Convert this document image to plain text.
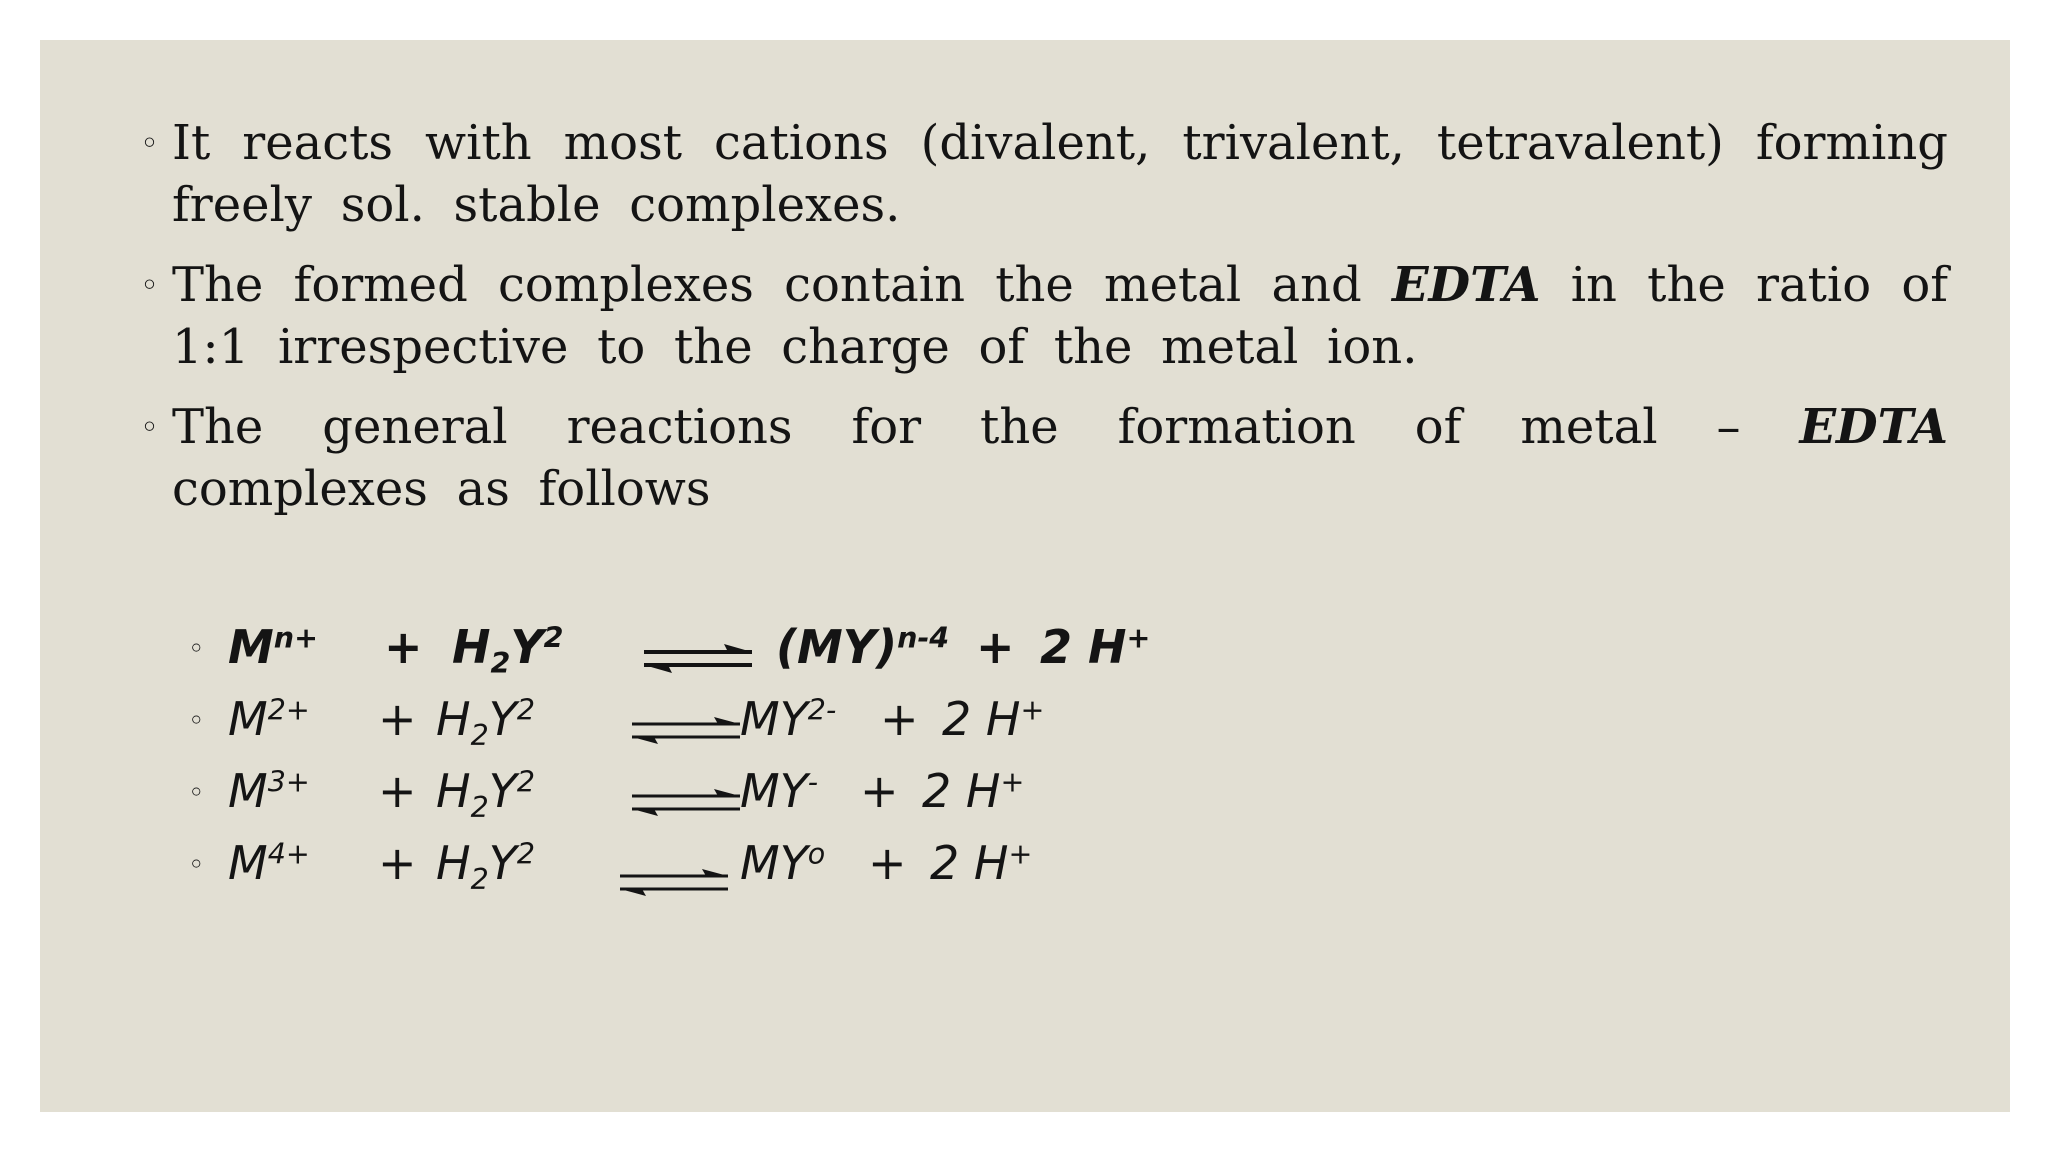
◦ It reacts with most cations (divalent, trivalent, tetravalent) forming freely sol. stable complexes.
◦ The formed complexes contain the metal and EDTA in the ratio of 1:1 irrespective to the charge of the metal ion.
◦ The general reactions for the formation of metal – EDTA complexes as follows
◦ $M^{n+} + H_2Y^2$ ⇌ (MY)$^{n-4}$ + 2 H+
◦ $M^{2+} + H_2Y^2$	$MY^{2-} + 2$ H+
◦ $M^{3+} + H_2Y^2$	MY- + 2 H+
◦ $M^{4+} + H_2Y^2$ ⇌ $MY^o + 2$ H+
